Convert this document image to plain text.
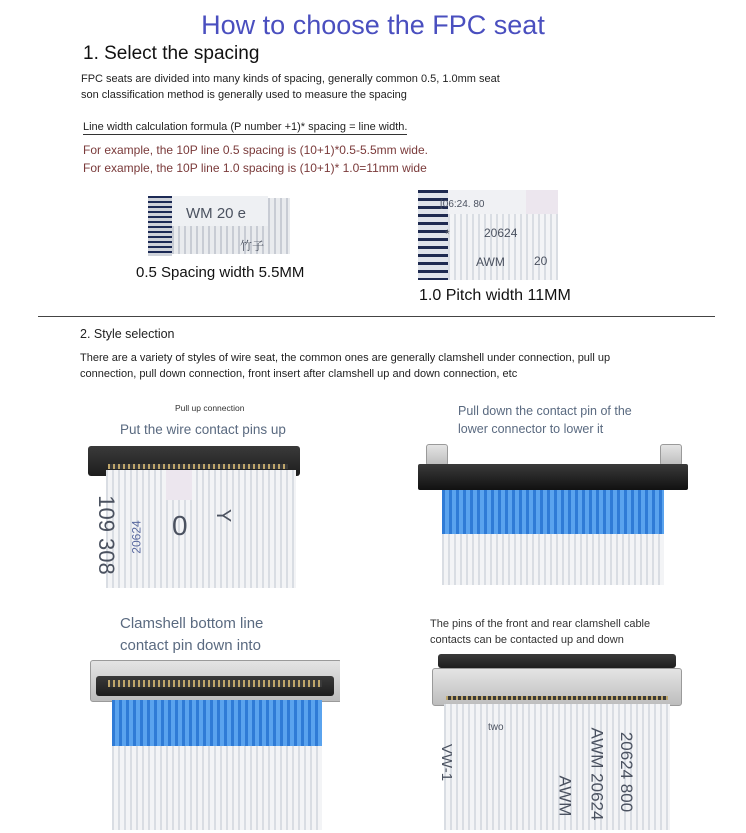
How to choose the FPC seat
1. Select the spacing
FPC seats are divided into many kinds of spacing, generally common 0.5, 1.0mm seat
son classification method is generally used to measure the spacing
Line width calculation formula (P number +1)* spacing = line width.
For example, the 10P line 0.5 spacing is (10+1)*0.5-5.5mm wide.
For example, the 10P line 1.0 spacing is (10+1)* 1.0=11mm wide
WM 20 e
竹子
0.5 Spacing width 5.5MM
[06:24. 80
*	20624
AWM 20
1.0 Pitch width 11MM
2. Style selection
There are a variety of styles of wire seat, the common ones are generally clamshell under connection, pull up
connection, pull down connection, front insert after clamshell up and down connection, etc
Pull up connection
Put the wire contact pins up
109 308 20624 0 Y
Pull down the contact pin of the
lower connector to lower it
Clamshell bottom line
contact pin down into
The pins of the front and rear clamshell cable
contacts can be contacted up and down
two
VW-1	AWM 20624
AWM	20624 800
